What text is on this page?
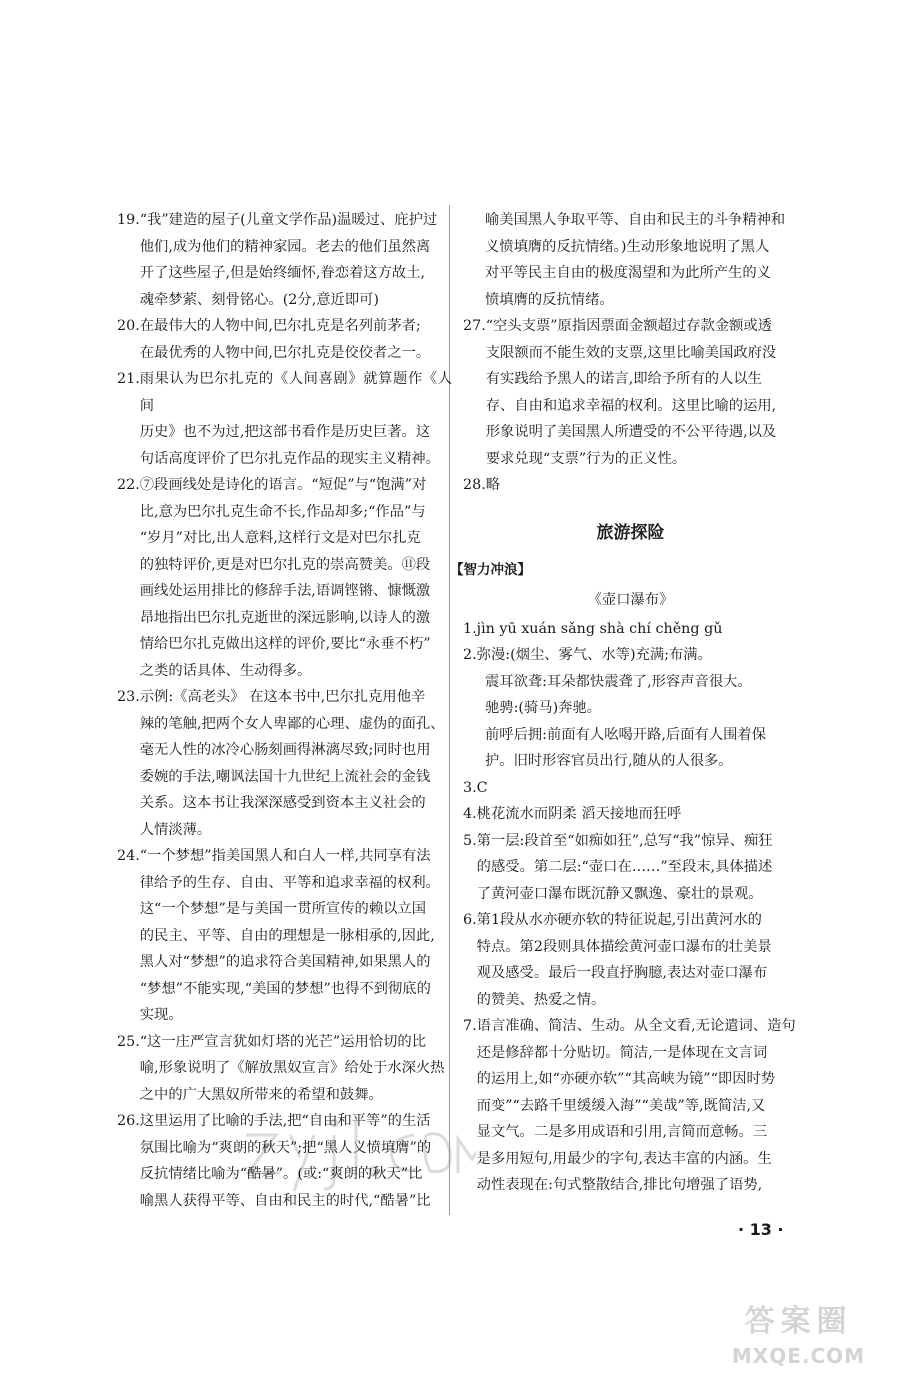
19. “我”建造的屋子(儿童文学作品)温暖过、庇护过
他们,成为他们的精神家园。老去的他们虽然离
开了这些屋子,但是始终缅怀,眷恋着这方故土,
魂牵梦萦、刻骨铭心。(2分,意近即可)
20. 在最伟大的人物中间,巴尔扎克是名列前茅者;
在最优秀的人物中间,巴尔扎克是佼佼者之一。
21. 雨果认为巴尔扎克的《人间喜剧》就算题作《人间
历史》也不为过,把这部书看作是历史巨著。这
句话高度评价了巴尔扎克作品的现实主义精神。
22. ⑦段画线处是诗化的语言。“短促”与“饱满”对
比,意为巴尔扎克生命不长,作品却多;“作品”与
“岁月”对比,出人意料,这样行文是对巴尔扎克
的独特评价,更是对巴尔扎克的崇高赞美。⑪段
画线处运用排比的修辞手法,语调铿锵、慷慨激
昂地指出巴尔扎克逝世的深远影响,以诗人的激
情给巴尔扎克做出这样的评价,要比“永垂不朽”
之类的话具体、生动得多。
23. 示例:《高老头》 在这本书中,巴尔扎克用他辛
辣的笔触,把两个女人卑鄙的心理、虚伪的面孔、
毫无人性的冰冷心肠刻画得淋漓尽致;同时也用
委婉的手法,嘲讽法国十九世纪上流社会的金钱
关系。这本书让我深深感受到资本主义社会的
人情淡薄。
24. “一个梦想”指美国黑人和白人一样,共同享有法
律给予的生存、自由、平等和追求幸福的权利。
这“一个梦想”是与美国一贯所宣传的赖以立国
的民主、平等、自由的理想是一脉相承的,因此,
黑人对“梦想”的追求符合美国精神,如果黑人的
“梦想”不能实现,“美国的梦想”也得不到彻底的
实现。
25. “这一庄严宣言犹如灯塔的光芒”运用恰切的比
喻,形象说明了《解放黑奴宣言》给处于水深火热
之中的广大黑奴所带来的希望和鼓舞。
26. 这里运用了比喻的手法,把“自由和平等”的生活
氛围比喻为“爽朗的秋天”;把“黑人义愤填膺”的
反抗情绪比喻为“酷暑”。(或:“爽朗的秋天”比
喻黑人获得平等、自由和民主的时代,“酷暑”比
喻美国黑人争取平等、自由和民主的斗争精神和
义愤填膺的反抗情绪。)生动形象地说明了黑人
对平等民主自由的极度渴望和为此所产生的义
愤填膺的反抗情绪。
27. “空头支票”原指因票面金额超过存款金额或透
支限额而不能生效的支票,这里比喻美国政府没
有实践给予黑人的诺言,即给予所有的人以生
存、自由和追求幸福的权利。这里比喻的运用,
形象说明了美国黑人所遭受的不公平待遇,以及
要求兑现“支票”行为的正义性。
28. 略
旅游探险
【智力冲浪】
《壶口瀑布》
1. jìn yū xuán sǎng shà chí chěng gǔ
2. 弥漫:(烟尘、雾气、水等)充满;布满。
震耳欲聋:耳朵都快震聋了,形容声音很大。
驰骋:(骑马)奔驰。
前呼后拥:前面有人吆喝开路,后面有人围着保
护。旧时形容官员出行,随从的人很多。
3. C
4. 桃花流水而阴柔 滔天接地而狂呼
5. 第一层:段首至“如痴如狂”,总写“我”惊异、痴狂
的感受。第二层:“壶口在……”至段末,具体描述
了黄河壶口瀑布既沉静又飘逸、豪壮的景观。
6. 第1段从水亦硬亦软的特征说起,引出黄河水的
特点。第2段则具体描绘黄河壶口瀑布的壮美景
观及感受。最后一段直抒胸臆,表达对壶口瀑布
的赞美、热爱之情。
7. 语言准确、简洁、生动。从全文看,无论遣词、造句
还是修辞都十分贴切。简洁,一是体现在文言词
的运用上,如“亦硬亦软”“其高峡为镜”“即因时势
而变”“去路千里缓缓入海”“美哉”等,既简洁,又
显文气。二是多用成语和引用,言简而意畅。三
是多用短句,用最少的字句,表达丰富的内涵。生
动性表现在:句式整散结合,排比句增强了语势,
· 13 ·
答案圈
MXQE.COM
